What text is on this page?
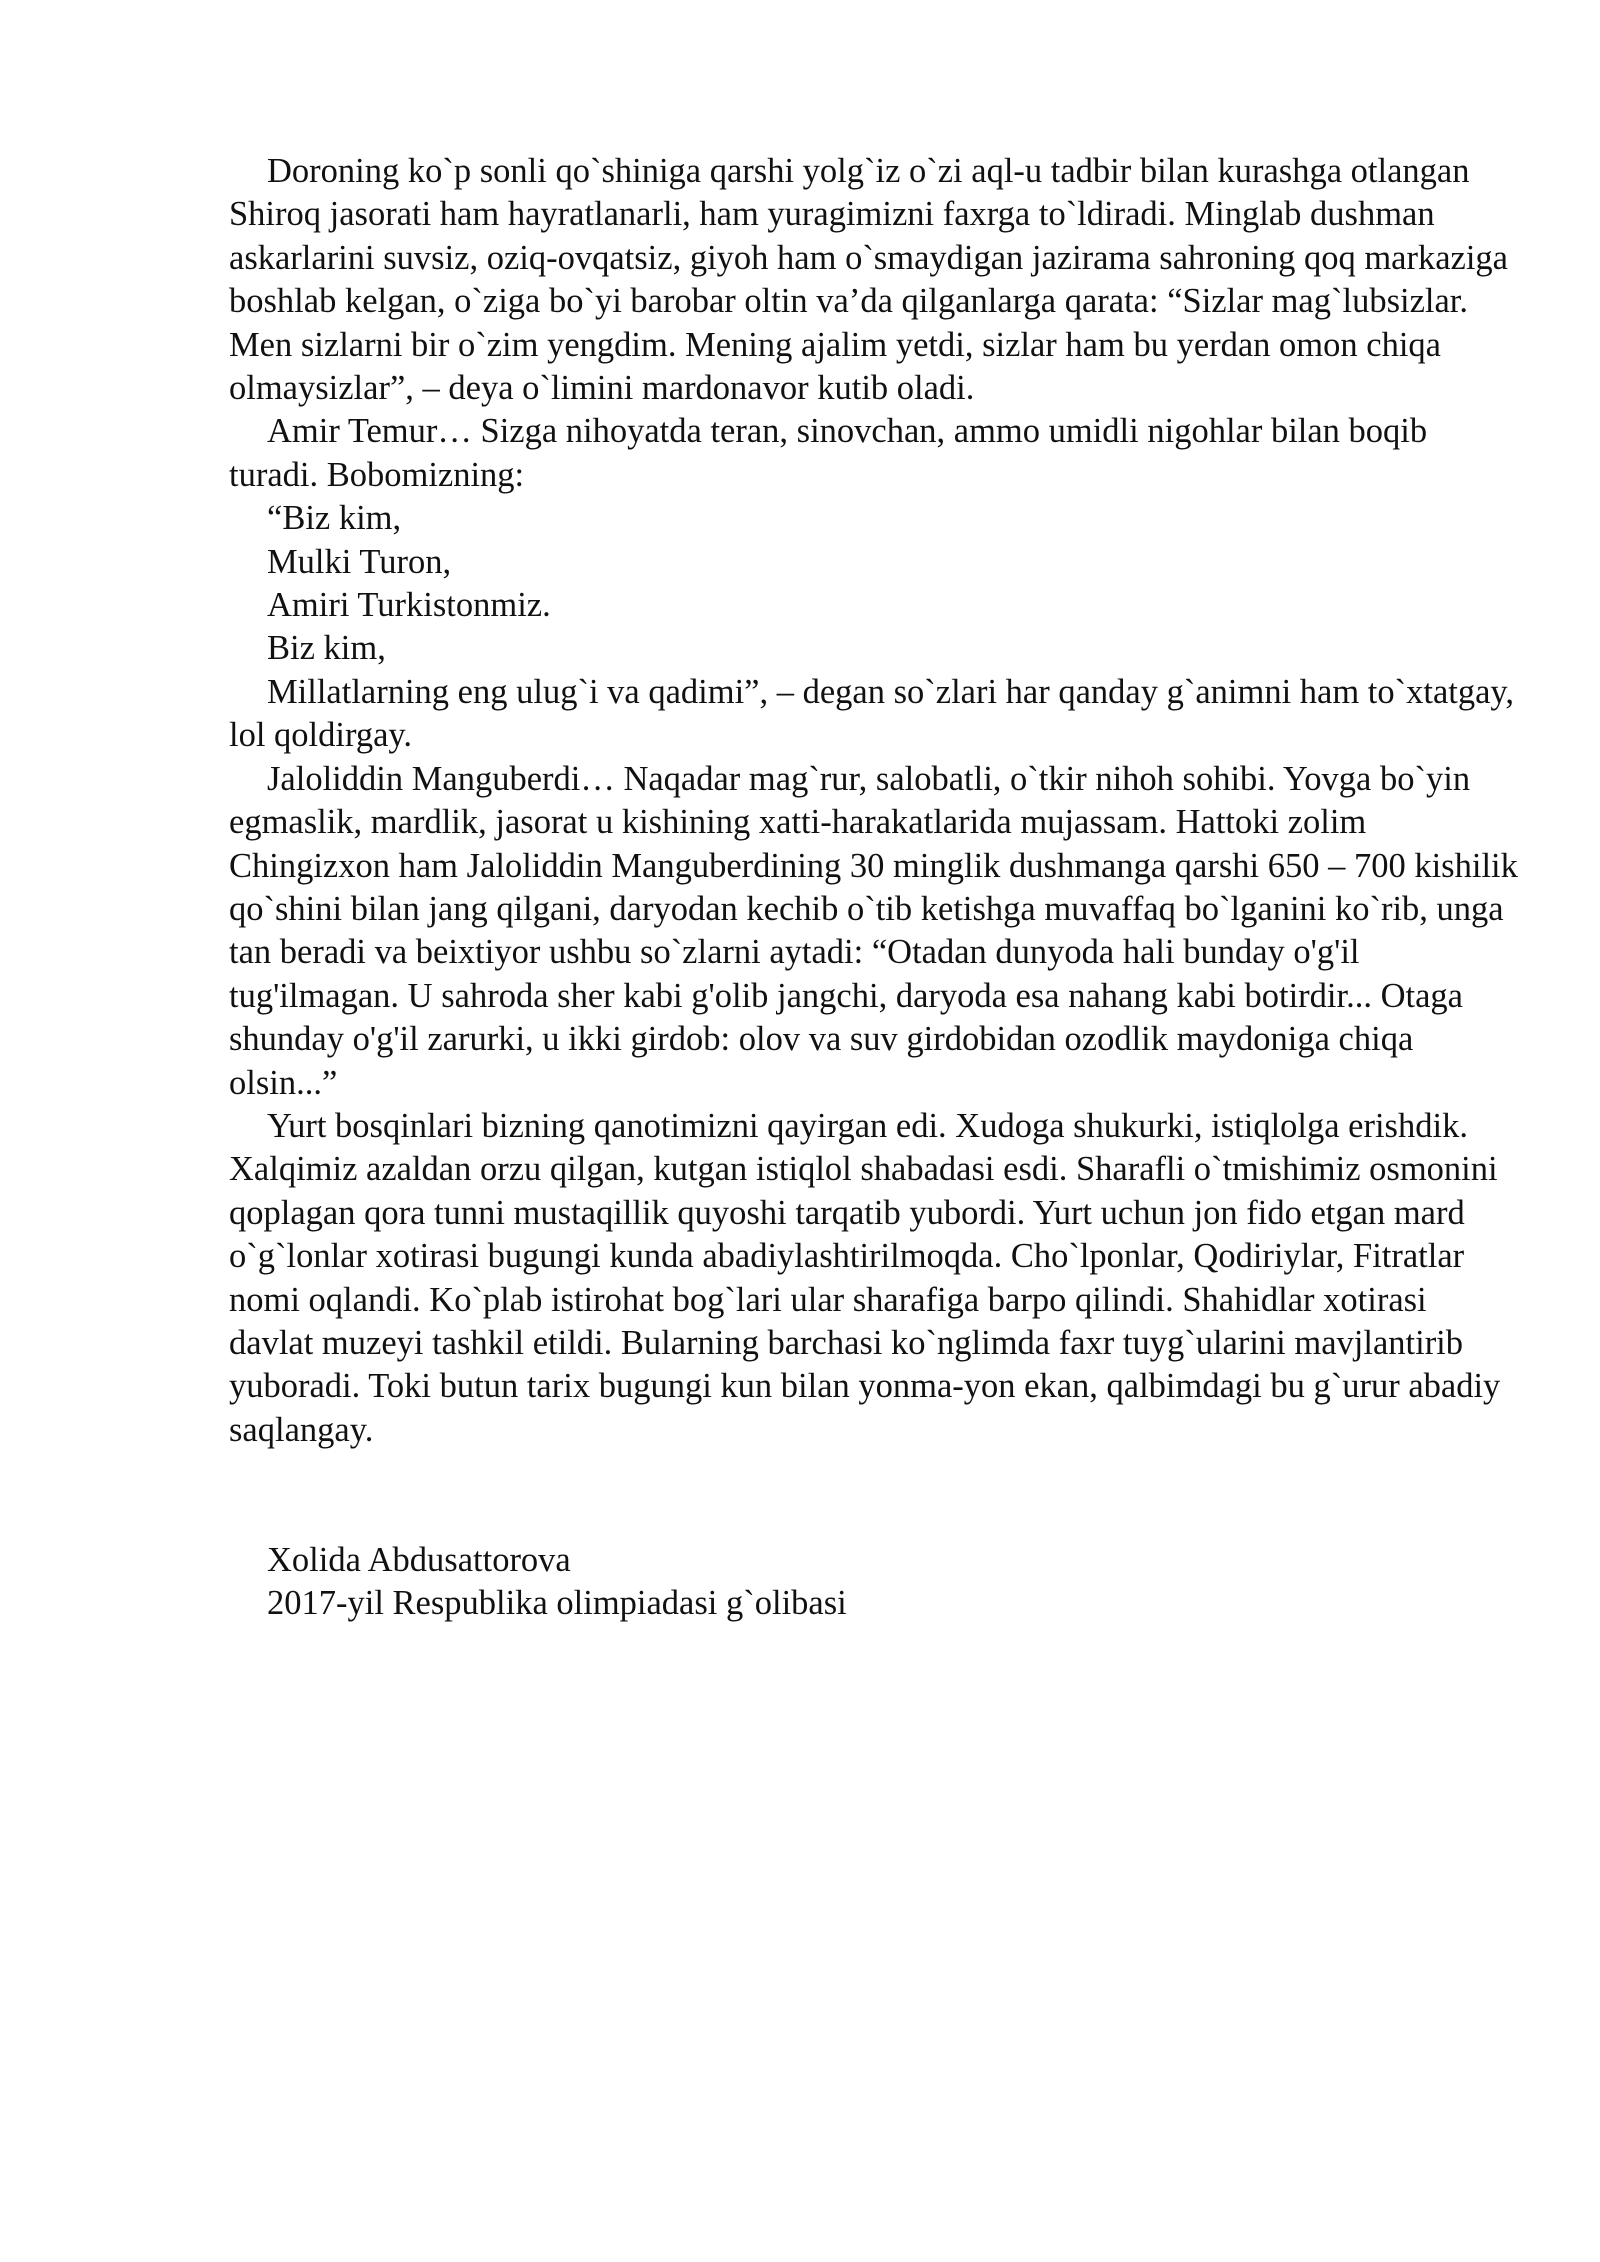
Doroning ko`p sonli qo`shiniga qarshi yolg`iz o`zi aql-u tadbir bilan kurashga otlangan Shiroq jasorati ham hayratlanarli, ham yuragimizni faxrga to`ldiradi. Minglab dushman askarlarini suvsiz, oziq-ovqatsiz, giyoh ham o`smaydigan jazirama sahroning qoq markaziga boshlab kelgan, o`ziga bo`yi barobar oltin va’da qilganlarga qarata: “Sizlar mag`lubsizlar. Men sizlarni bir o`zim yengdim. Mening ajalim yetdi, sizlar ham bu yerdan omon chiqa olmaysizlar”, – deya o`limini mardonavor kutib oladi.

Amir Temur… Sizga nihoyatda teran, sinovchan, ammo umidli nigohlar bilan boqib turadi. Bobomizning:

“Biz kim,

Mulki Turon,

Amiri Turkistonmiz.

Biz kim,

Millatlarning eng ulug`i va qadimi”, – degan so`zlari har qanday g`animni ham to`xtatgay, lol qoldirgay.

Jaloliddin Manguberdi… Naqadar mag`rur, salobatli, o`tkir nihoh sohibi. Yovga bo`yin egmaslik, mardlik, jasorat u kishining xatti-harakatlarida mujassam. Hattoki zolim Chingizxon ham Jaloliddin Manguberdining 30 minglik dushmanga qarshi 650 – 700 kishilik qo`shini bilan jang qilgani, daryodan kechib o`tib ketishga muvaffaq bo`lganini ko`rib, unga tan beradi va beixtiyor ushbu so`zlarni aytadi: “Otadan dunyoda hali bunday o'g'il tug'ilmagan. U sahroda sher kabi g'olib jangchi, daryoda esa nahang kabi botirdir... Otaga shunday o'g'il zarurki, u ikki girdob: olov va suv girdobidan ozodlik maydoniga chiqa olsin...”

Yurt bosqinlari bizning qanotimizni qayirgan edi. Xudoga shukurki, istiqlolga erishdik. Xalqimiz azaldan orzu qilgan, kutgan istiqlol shabadasi esdi. Sharafli o`tmishimiz osmonini qoplagan qora tunni mustaqillik quyoshi tarqatib yubordi. Yurt uchun jon fido etgan mard o`g`lonlar xotirasi bugungi kunda abadiylashtirilmoqda. Cho`lponlar, Qodiriylar, Fitratlar nomi oqlandi. Ko`plab istirohat bog`lari ular sharafiga barpo qilindi. Shahidlar xotirasi davlat muzeyi tashkil etildi. Bularning barchasi ko`nglimda faxr tuyg`ularini mavjlantirib yuboradi. Toki butun tarix bugungi kun bilan yonma-yon ekan, qalbimdagi bu g`urur abadiy saqlangay.

Xolida Abdusattorova

2017-yil Respublika olimpiadasi g`olibasi
